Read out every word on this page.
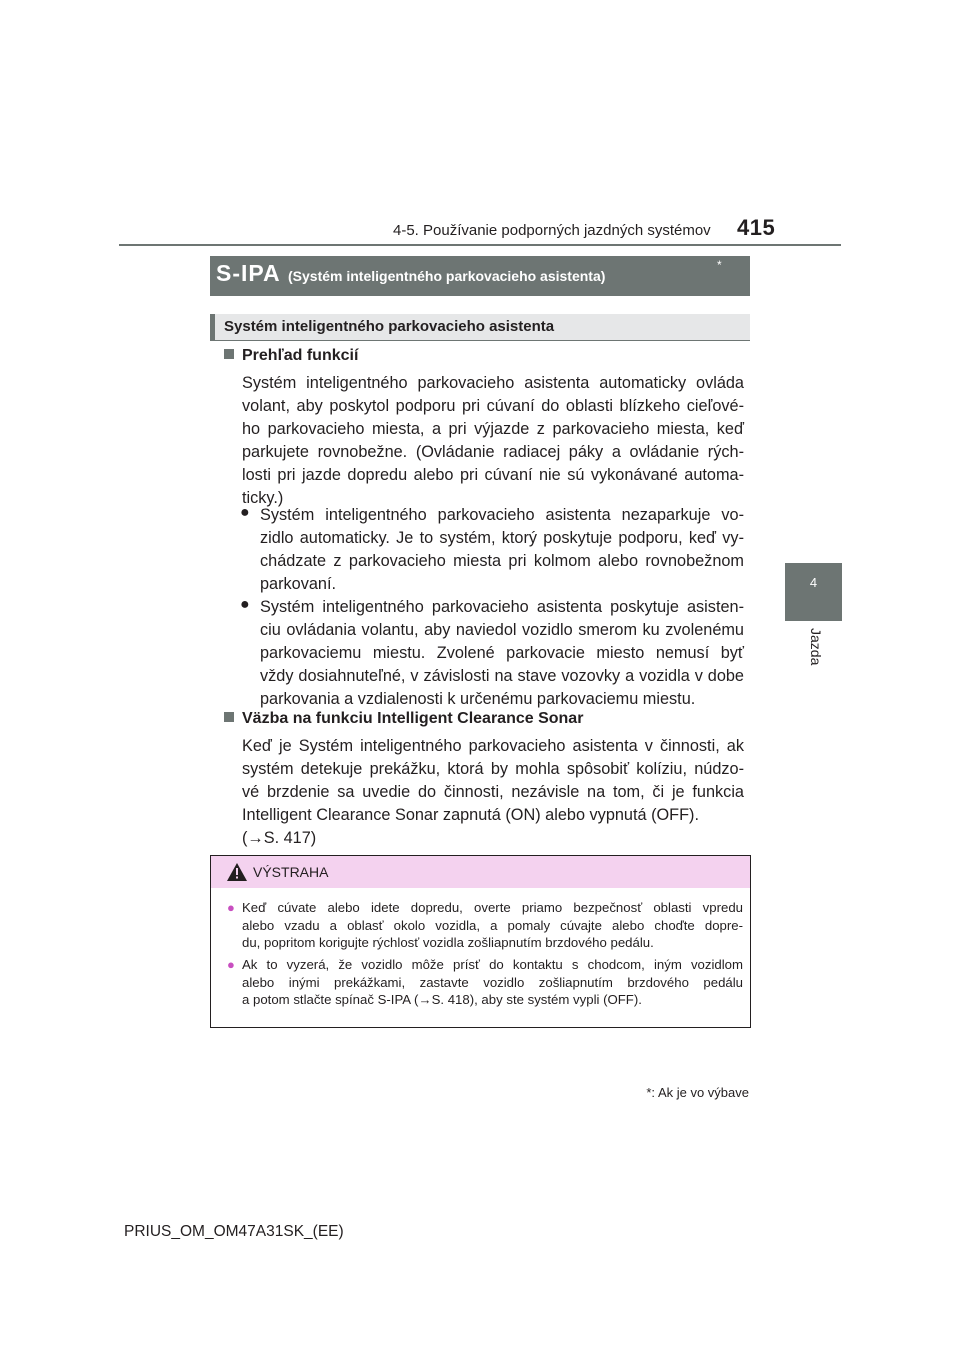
4-5. Používanie podporných jazdných systémov 415
4
Jazda
S-IPA (Systém inteligentného parkovacieho asistenta)
*
Systém inteligentného parkovacieho asistenta
Prehľad funkcií
Systém inteligentného parkovacieho asistenta automaticky ovláda
volant, aby poskytol podporu pri cúvaní do oblasti blízkeho cieľové-
ho parkovacieho miesta, a pri výjazde z parkovacieho miesta, keď
parkujete rovnobežne. (Ovládanie radiacej páky a ovládanie rých-
losti pri jazde dopredu alebo pri cúvaní nie sú vykonávané automa-
ticky.)
● Systém inteligentného parkovacieho asistenta nezaparkuje vo-
zidlo automaticky. Je to systém, ktorý poskytuje podporu, keď vy-
chádzate z parkovacieho miesta pri kolmom alebo rovnobežnom
parkovaní.
● Systém inteligentného parkovacieho asistenta poskytuje asisten-
ciu ovládania volantu, aby naviedol vozidlo smerom ku zvolenému
parkovaciemu miestu. Zvolené parkovacie miesto nemusí byť
vždy dosiahnuteľné, v závislosti na stave vozovky a vozidla v dobe
parkovania a vzdialenosti k určenému parkovaciemu miestu.
Väzba na funkciu Intelligent Clearance Sonar
Keď je Systém inteligentného parkovacieho asistenta v činnosti, ak
systém detekuje prekážku, ktorá by mohla spôsobiť kolíziu, núdzo-
vé brzdenie sa uvedie do činnosti, nezávisle na tom, či je funkcia
Intelligent Clearance Sonar zapnutá (ON) alebo vypnutá (OFF).
(→S. 417)
VÝSTRAHA
● Keď cúvate alebo idete dopredu, overte priamo bezpečnosť oblasti vpredu
alebo vzadu a oblasť okolo vozidla, a pomaly cúvajte alebo choďte dopre-
du, popritom korigujte rýchlosť vozidla zošliapnutím brzdového pedálu.
● Ak to vyzerá, že vozidlo môže prísť do kontaktu s chodcom, iným vozidlom
alebo inými prekážkami, zastavte vozidlo zošliapnutím brzdového pedálu
a potom stlačte spínač S-IPA (→S. 418), aby ste systém vypli (OFF).
*: Ak je vo výbave
PRIUS_OM_OM47A31SK_(EE)
